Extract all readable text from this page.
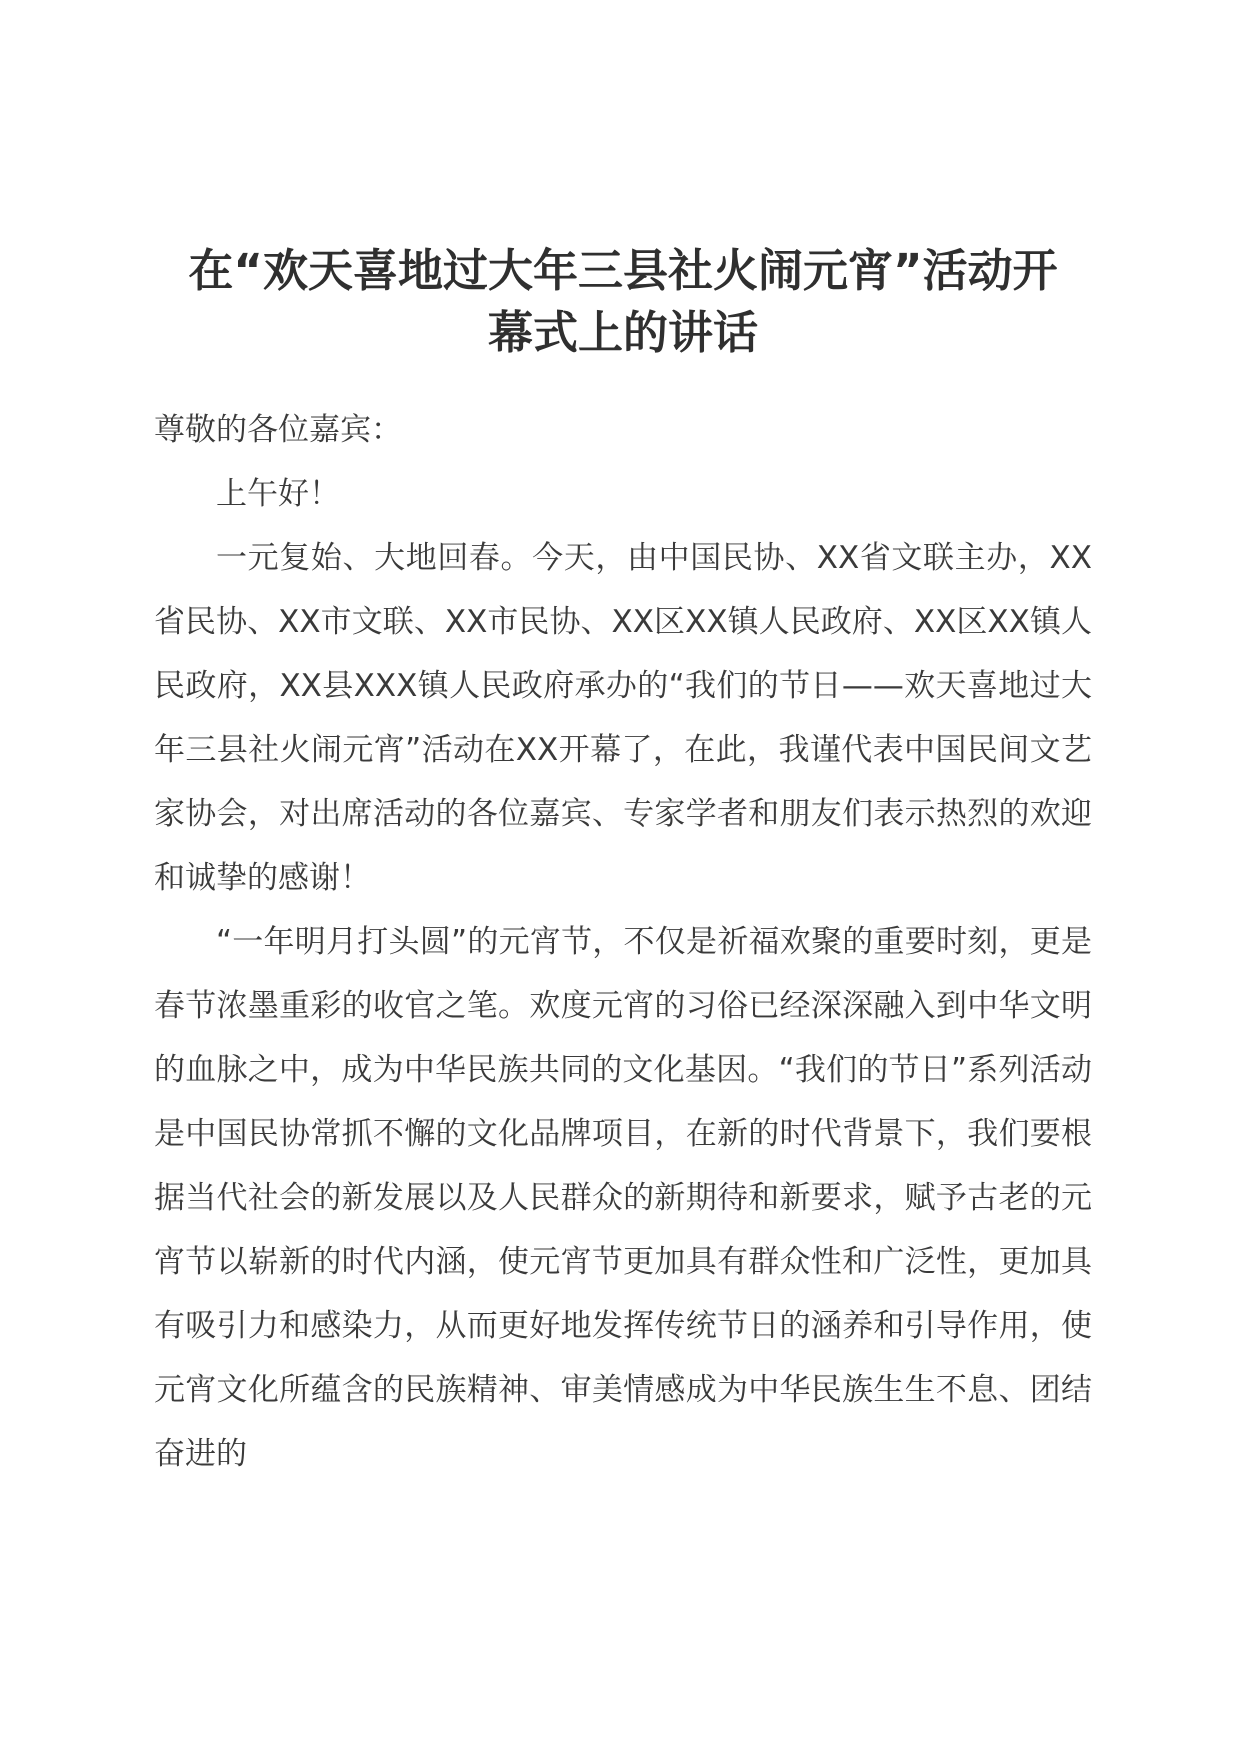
在“欢天喜地过大年三县社火闹元宵”活动开
幕式上的讲话

尊敬的各位嘉宾：

上午好！

一元复始、大地回春。今天，由中国民协、XX省文联主办，XX省民协、XX市文联、XX市民协、XX区XX镇人民政府、XX区XX镇人民政府，XX县XXX镇人民政府承办的“我们的节日——欢天喜地过大年三县社火闹元宵”活动在XX开幕了，在此，我谨代表中国民间文艺家协会，对出席活动的各位嘉宾、专家学者和朋友们表示热烈的欢迎和诚挚的感谢！

“一年明月打头圆”的元宵节，不仅是祈福欢聚的重要时刻，更是春节浓墨重彩的收官之笔。欢度元宵的习俗已经深深融入到中华文明的血脉之中，成为中华民族共同的文化基因。“我们的节日”系列活动是中国民协常抓不懈的文化品牌项目，在新的时代背景下，我们要根据当代社会的新发展以及人民群众的新期待和新要求，赋予古老的元宵节以崭新的时代内涵，使元宵节更加具有群众性和广泛性，更加具有吸引力和感染力，从而更好地发挥传统节日的涵养和引导作用，使元宵文化所蕴含的民族精神、审美情感成为中华民族生生不息、团结奋进的
